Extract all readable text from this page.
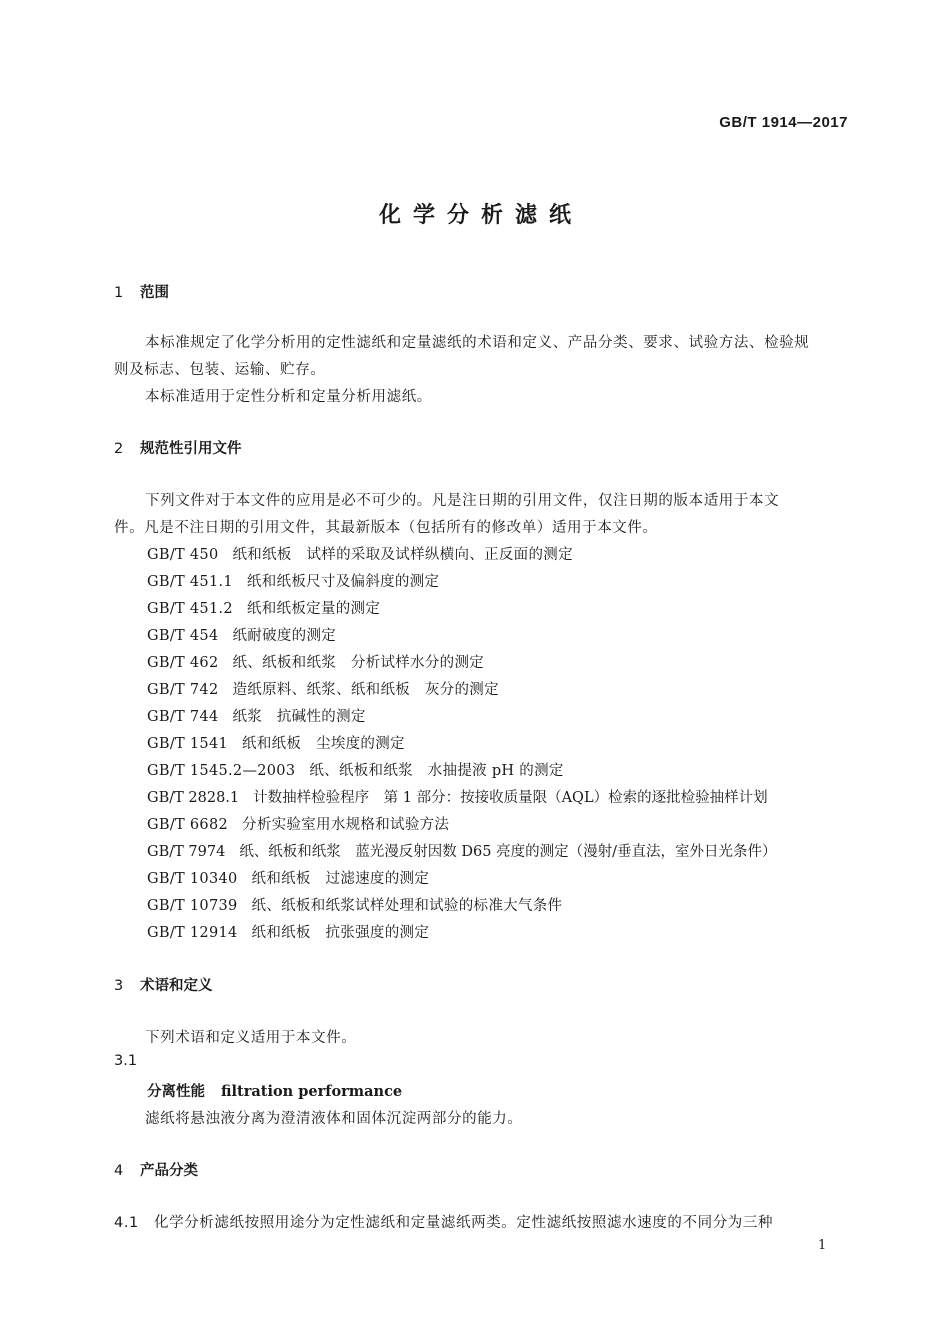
GB/T 1914—2017
化学分析滤纸
1 范围
本标准规定了化学分析用的定性滤纸和定量滤纸的术语和定义、产品分类、要求、试验方法、检验规
则及标志、包装、运输、贮存。
本标准适用于定性分析和定量分析用滤纸。
2 规范性引用文件
下列文件对于本文件的应用是必不可少的。凡是注日期的引用文件，仅注日期的版本适用于本文
件。凡是不注日期的引用文件，其最新版本（包括所有的修改单）适用于本文件。
GB/T 450 纸和纸板　试样的采取及试样纵横向、正反面的测定
GB/T 451.1 纸和纸板尺寸及偏斜度的测定
GB/T 451.2 纸和纸板定量的测定
GB/T 454 纸耐破度的测定
GB/T 462 纸、纸板和纸浆　分析试样水分的测定
GB/T 742 造纸原料、纸浆、纸和纸板　灰分的测定
GB/T 744 纸浆　抗碱性的测定
GB/T 1541 纸和纸板　尘埃度的测定
GB/T 1545.2—2003 纸、纸板和纸浆　水抽提液 pH 的测定
GB/T 2828.1 计数抽样检验程序　第 1 部分：按接收质量限（AQL）检索的逐批检验抽样计划
GB/T 6682 分析实验室用水规格和试验方法
GB/T 7974 纸、纸板和纸浆　蓝光漫反射因数 D65 亮度的测定（漫射/垂直法，室外日光条件）
GB/T 10340 纸和纸板　过滤速度的测定
GB/T 10739 纸、纸板和纸浆试样处理和试验的标准大气条件
GB/T 12914 纸和纸板　抗张强度的测定
3 术语和定义
下列术语和定义适用于本文件。
3.1
分离性能 filtration performance
滤纸将悬浊液分离为澄清液体和固体沉淀两部分的能力。
4 产品分类
4.1 化学分析滤纸按照用途分为定性滤纸和定量滤纸两类。定性滤纸按照滤水速度的不同分为三种
1
